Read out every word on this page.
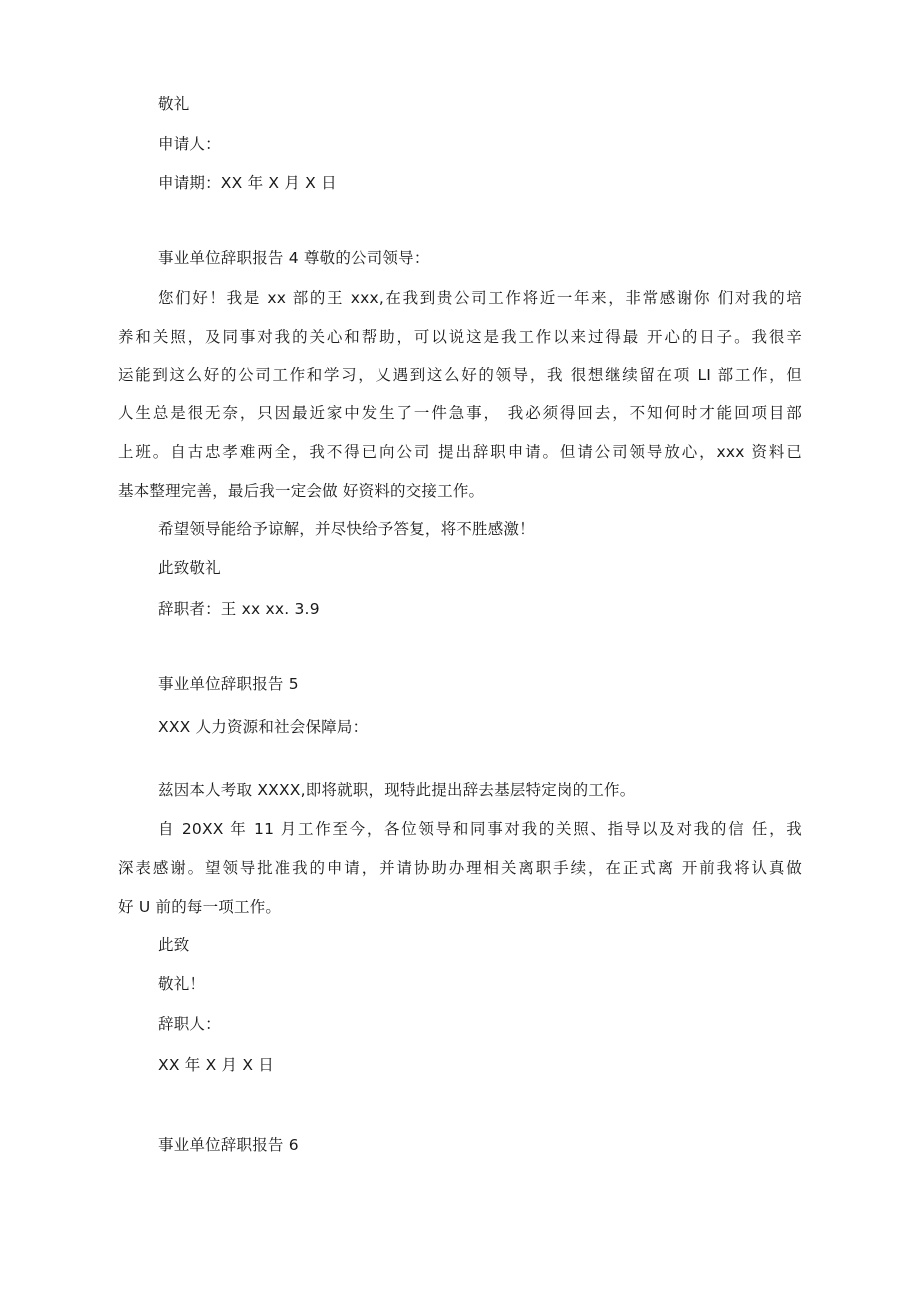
敬礼
申请人：
申请期：XX 年 X 月 X 日
事业单位辞职报告 4 尊敬的公司领导：
您们好！我是 xx 部的王 xxx,在我到贵公司工作将近一年来，非常感谢你 们对我的培
养和关照，及同事对我的关心和帮助，可以说这是我工作以来过得最 开心的日子。我很辛
运能到这么好的公司工作和学习，乂遇到这么好的领导，我 很想继续留在项 LI 部工作，但
人生总是很无奈，只因最近家中发生了一件急事， 我必须得回去，不知何时才能回项目部
上班。自古忠孝难两全，我不得已向公司 提出辞职申请。但请公司领导放心，xxx 资料已
基本整理完善，最后我一定会做 好资料的交接工作。
希望领导能给予谅解，并尽快给予答复，将不胜感激！
此致敬礼
辞职者：王 xx xx. 3.9
事业单位辞职报告 5
XXX 人力资源和社会保障局：
兹因本人考取 XXXX,即将就职，现特此提出辞去基层特定岗的工作。
自 20XX 年 11 月工作至今，各位领导和同事对我的关照、指导以及对我的信 任，我
深表感谢。望领导批准我的申请，并请协助办理相关离职手续，在正式离 开前我将认真做
好 U 前的每一项工作。
此致
敬礼！
辞职人：
XX 年 X 月 X 日
事业单位辞职报告 6
